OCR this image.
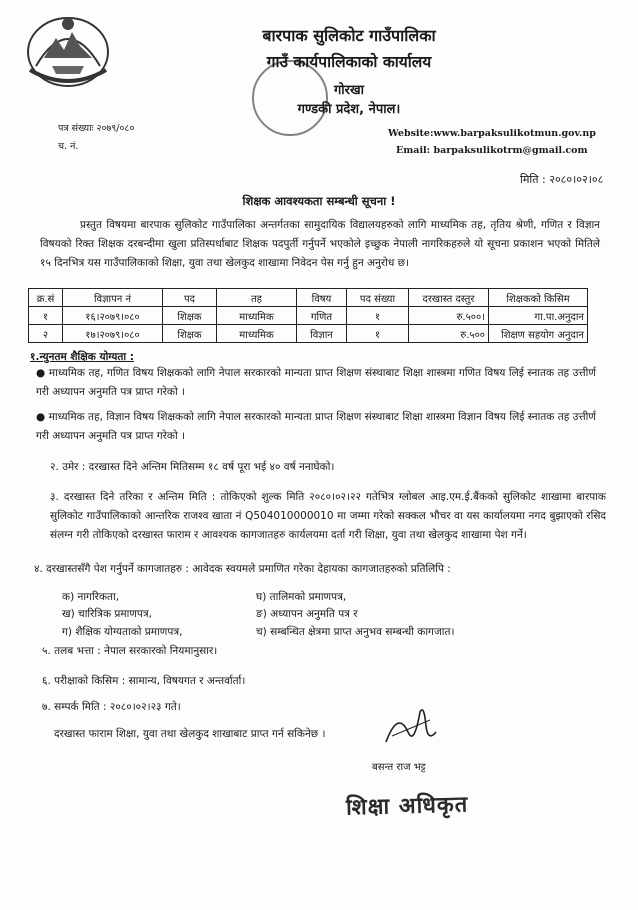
बारपाक सुलिकोट गाउँपालिका
गाउँ कार्यपालिकाको कार्यालय
गोरखा
गण्डकी प्रदेश, नेपाल।
पत्र संख्याः २०७९/०८०
च. नं.
Website:www.barpaksulikotmun.gov.np
Email: barpaksulikotrm@gmail.com
मिति : २०८०।०२।०८
शिक्षक आवश्यकता सम्बन्धी सूचना !
प्रस्तुत विषयमा बारपाक सुलिकोट गाउँपालिका अन्तर्गतका सामुदायिक विद्यालयहरुको लागि माध्यमिक तह, तृतिय श्रेणी, गणित र विज्ञान विषयको रिक्त शिक्षक दरबन्दीमा खुला प्रतिस्पर्धाबाट शिक्षक पदपुर्ती गर्नुपर्ने भएकोले इच्छुक नेपाली नागरिकहरुले यो सूचना प्रकाशन भएको मितिले १५ दिनभित्र यस गाउँपालिकाको शिक्षा, युवा तथा खेलकुद शाखामा निवेदन पेस गर्नु हुन अनुरोध छ।
क्र.सं	विज्ञापन नं	पद	तह	विषय	पद संख्या	दरखास्त दस्तुर	शिक्षकको किसिम
१	१६।२०७९।०८०	शिक्षक	माध्यमिक	गणित	१	रु.५००।	गा.पा.अनुदान
२	१७।२०७९।०८०	शिक्षक	माध्यमिक	विज्ञान	१	रु.५००	शिक्षण सहयोग अनुदान
१.न्युनतम शैक्षिक योग्यता :
● माध्यमिक तह, गणित विषय शिक्षकको लागि नेपाल सरकारको मान्यता प्राप्त शिक्षण संस्थाबाट शिक्षा शास्त्रमा गणित विषय लिई स्नातक तह उत्तीर्ण गरी अध्यापन अनुमति पत्र प्राप्त गरेको ।
● माध्यमिक तह, विज्ञान विषय शिक्षकको लागि नेपाल सरकारको मान्यता प्राप्त शिक्षण संस्थाबाट शिक्षा शास्त्रमा विज्ञान विषय लिई स्नातक तह उत्तीर्ण गरी अध्यापन अनुमति पत्र प्राप्त गरेको ।
२. उमेर : दरखास्त दिने अन्तिम मितिसम्म १८ वर्ष पूरा भई ४० वर्ष ननाघेको।
३. दरखास्त दिने तरिका र अन्तिम मिति : तोकिएको शुल्क मिति २०८०।०२।२२ गतेभित्र ग्लोबल आइ.एम.ई.बैंकको सुलिकोट शाखामा बारपाक सुलिकोट गाउँपालिकाको आन्तरिक राजश्व खाता नं Q504010000010 मा जम्मा गरेको सक्कल भौचर वा यस कार्यालयमा नगद बुझाएको रसिद संलग्न गरी तोकिएको दरखास्त फाराम र आवश्यक कागजातहरु कार्यलयमा दर्ता गरी शिक्षा, युवा तथा खेलकुद शाखामा पेश गर्ने।
४. दरखास्तसँगै पेश गर्नुपर्ने कागजातहरु : आवेदक स्वयमले प्रमाणित गरेका देहायका कागजातहरुको प्रतिलिपि :
क) नागरिकता,
ख) चारित्रिक प्रमाणपत्र,
ग) शैक्षिक योग्यताको प्रमाणपत्र,
घ) तालिमको प्रमाणपत्र,
ङ) अध्यापन अनुमति पत्र र
च) सम्बन्धित क्षेत्रमा प्राप्त अनुभव सम्बन्धी कागजात।
५. तलब भत्ता : नेपाल सरकारको नियमानुसार।
६. परीक्षाको किसिम : सामान्य, विषयगत र अन्तर्वार्ता।
७. सम्पर्क मिति : २०८०।०२।२३ गते।
दरखास्त फाराम शिक्षा, युवा तथा खेलकुद शाखाबाट प्राप्त गर्न सकिनेछ ।
बसन्त राज भट्ट
शिक्षा अधिकृत
